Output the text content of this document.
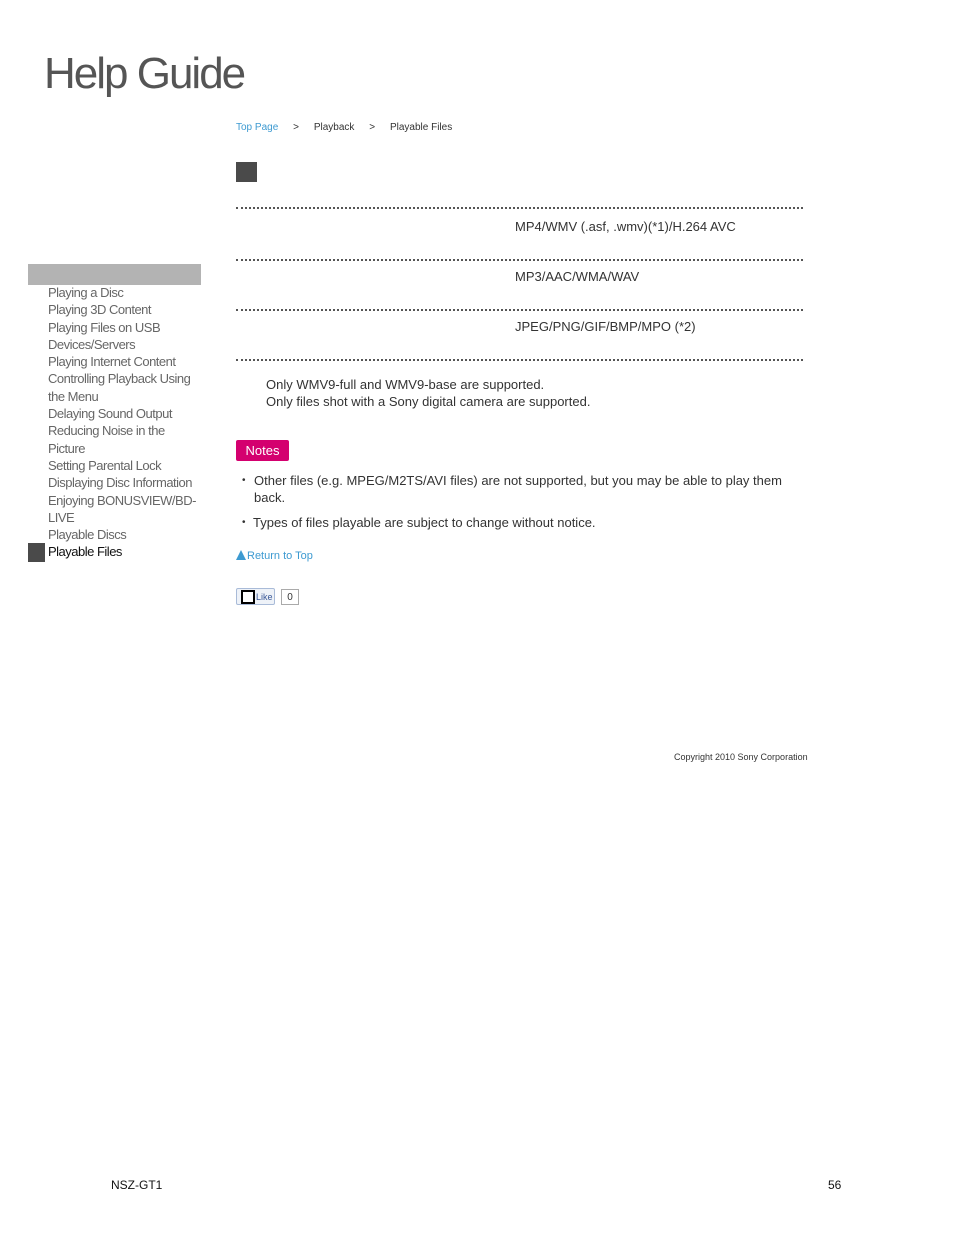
Help Guide
Top Page > Playback > Playable Files
MP4/WMV (.asf, .wmv)(*1)/H.264 AVC
MP3/AAC/WMA/WAV
JPEG/PNG/GIF/BMP/MPO (*2)
Only WMV9-full and WMV9-base are supported.
Only files shot with a Sony digital camera are supported.
Playing a Disc
Playing 3D Content
Playing Files on USB Devices/Servers
Playing Internet Content
Controlling Playback Using the Menu
Delaying Sound Output
Reducing Noise in the Picture
Setting Parental Lock
Displaying Disc Information
Enjoying BONUSVIEW/BD-LIVE
Playable Discs
Playable Files
Notes
• Other files (e.g. MPEG/M2TS/AVI files) are not supported, but you may be able to play them back.
• Types of files playable are subject to change without notice.
Return to Top
Like	0
Copyright 2010 Sony Corporation
NSZ-GT1	56
